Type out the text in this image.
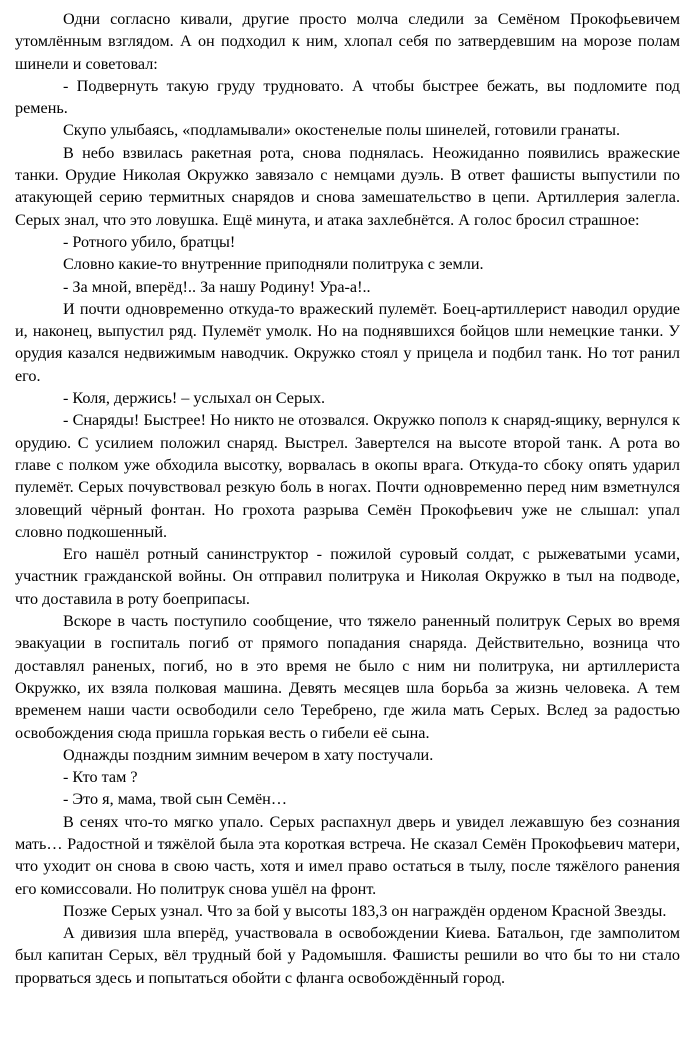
Одни согласно кивали, другие просто молча следили за Семёном Прокофьевичем утомлённым взглядом. А он подходил к ним, хлопал себя по затвердевшим на морозе полам шинели и советовал:

- Подвернуть такую груду трудновато. А чтобы быстрее бежать, вы подломите под ремень.

Скупо улыбаясь, «подламывали» окостенелые полы шинелей, готовили гранаты.

В небо взвилась ракетная рота, снова поднялась. Неожиданно появились вражеские танки. Орудие Николая Окружко завязало с немцами дуэль. В ответ фашисты выпустили по атакующей серию термитных снарядов и снова замешательство в цепи. Артиллерия залегла. Серых знал, что это ловушка. Ещё минута, и атака захлебнётся. А голос бросил страшное:

- Ротного убило, братцы!

Словно какие-то внутренние приподняли политрука с земли.

- За мной, вперёд!.. За нашу Родину! Ура-а!..

И почти одновременно откуда-то вражеский пулемёт. Боец-артиллерист наводил орудие и, наконец, выпустил ряд. Пулемёт умолк. Но на поднявшихся бойцов шли немецкие танки. У орудия казался недвижимым наводчик. Окружко стоял у прицела и подбил танк. Но тот ранил его.

- Коля, держись! – услыхал он Серых.

- Снаряды! Быстрее! Но никто не отозвался. Окружко пополз к снаряд-ящику, вернулся к орудию. С усилием положил снаряд. Выстрел. Завертелся на высоте второй танк. А рота во главе с полком уже обходила высотку, ворвалась в окопы врага. Откуда-то сбоку опять ударил пулемёт. Серых почувствовал резкую боль в ногах. Почти одновременно перед ним взметнулся зловещий чёрный фонтан. Но грохота разрыва Семён Прокофьевич уже не слышал: упал словно подкошенный.

Его нашёл ротный санинструктор - пожилой суровый солдат, с рыжеватыми усами, участник гражданской войны. Он отправил политрука и Николая Окружко в тыл на подводе, что доставила в роту боеприпасы.

Вскоре в часть поступило сообщение, что тяжело раненный политрук Серых во время эвакуации в госпиталь погиб от прямого попадания снаряда. Действительно, возница что доставлял раненых, погиб, но в это время не было с ним ни политрука, ни артиллериста Окружко, их взяла полковая машина. Девять месяцев шла борьба за жизнь человека. А тем временем наши части освободили село Теребрено, где жила мать Серых. Вслед за радостью освобождения сюда пришла горькая весть о гибели её сына.

Однажды поздним зимним вечером в хату постучали.

- Кто там ?

- Это я, мама, твой сын Семён…

В сенях что-то мягко упало. Серых распахнул дверь и увидел лежавшую без сознания мать… Радостной и тяжёлой была эта короткая встреча. Не сказал Семён Прокофьевич матери, что уходит он снова в свою часть, хотя и имел право остаться в тылу, после тяжёлого ранения его комиссовали. Но политрук снова ушёл на фронт.

Позже Серых узнал. Что за бой у высоты 183,3 он награждён орденом Красной Звезды.

А дивизия шла вперёд, участвовала в освобождении Киева. Батальон, где замполитом был капитан Серых, вёл трудный бой у Радомышля. Фашисты решили во что бы то ни стало прорваться здесь и попытаться обойти с фланга освобождённый город.
